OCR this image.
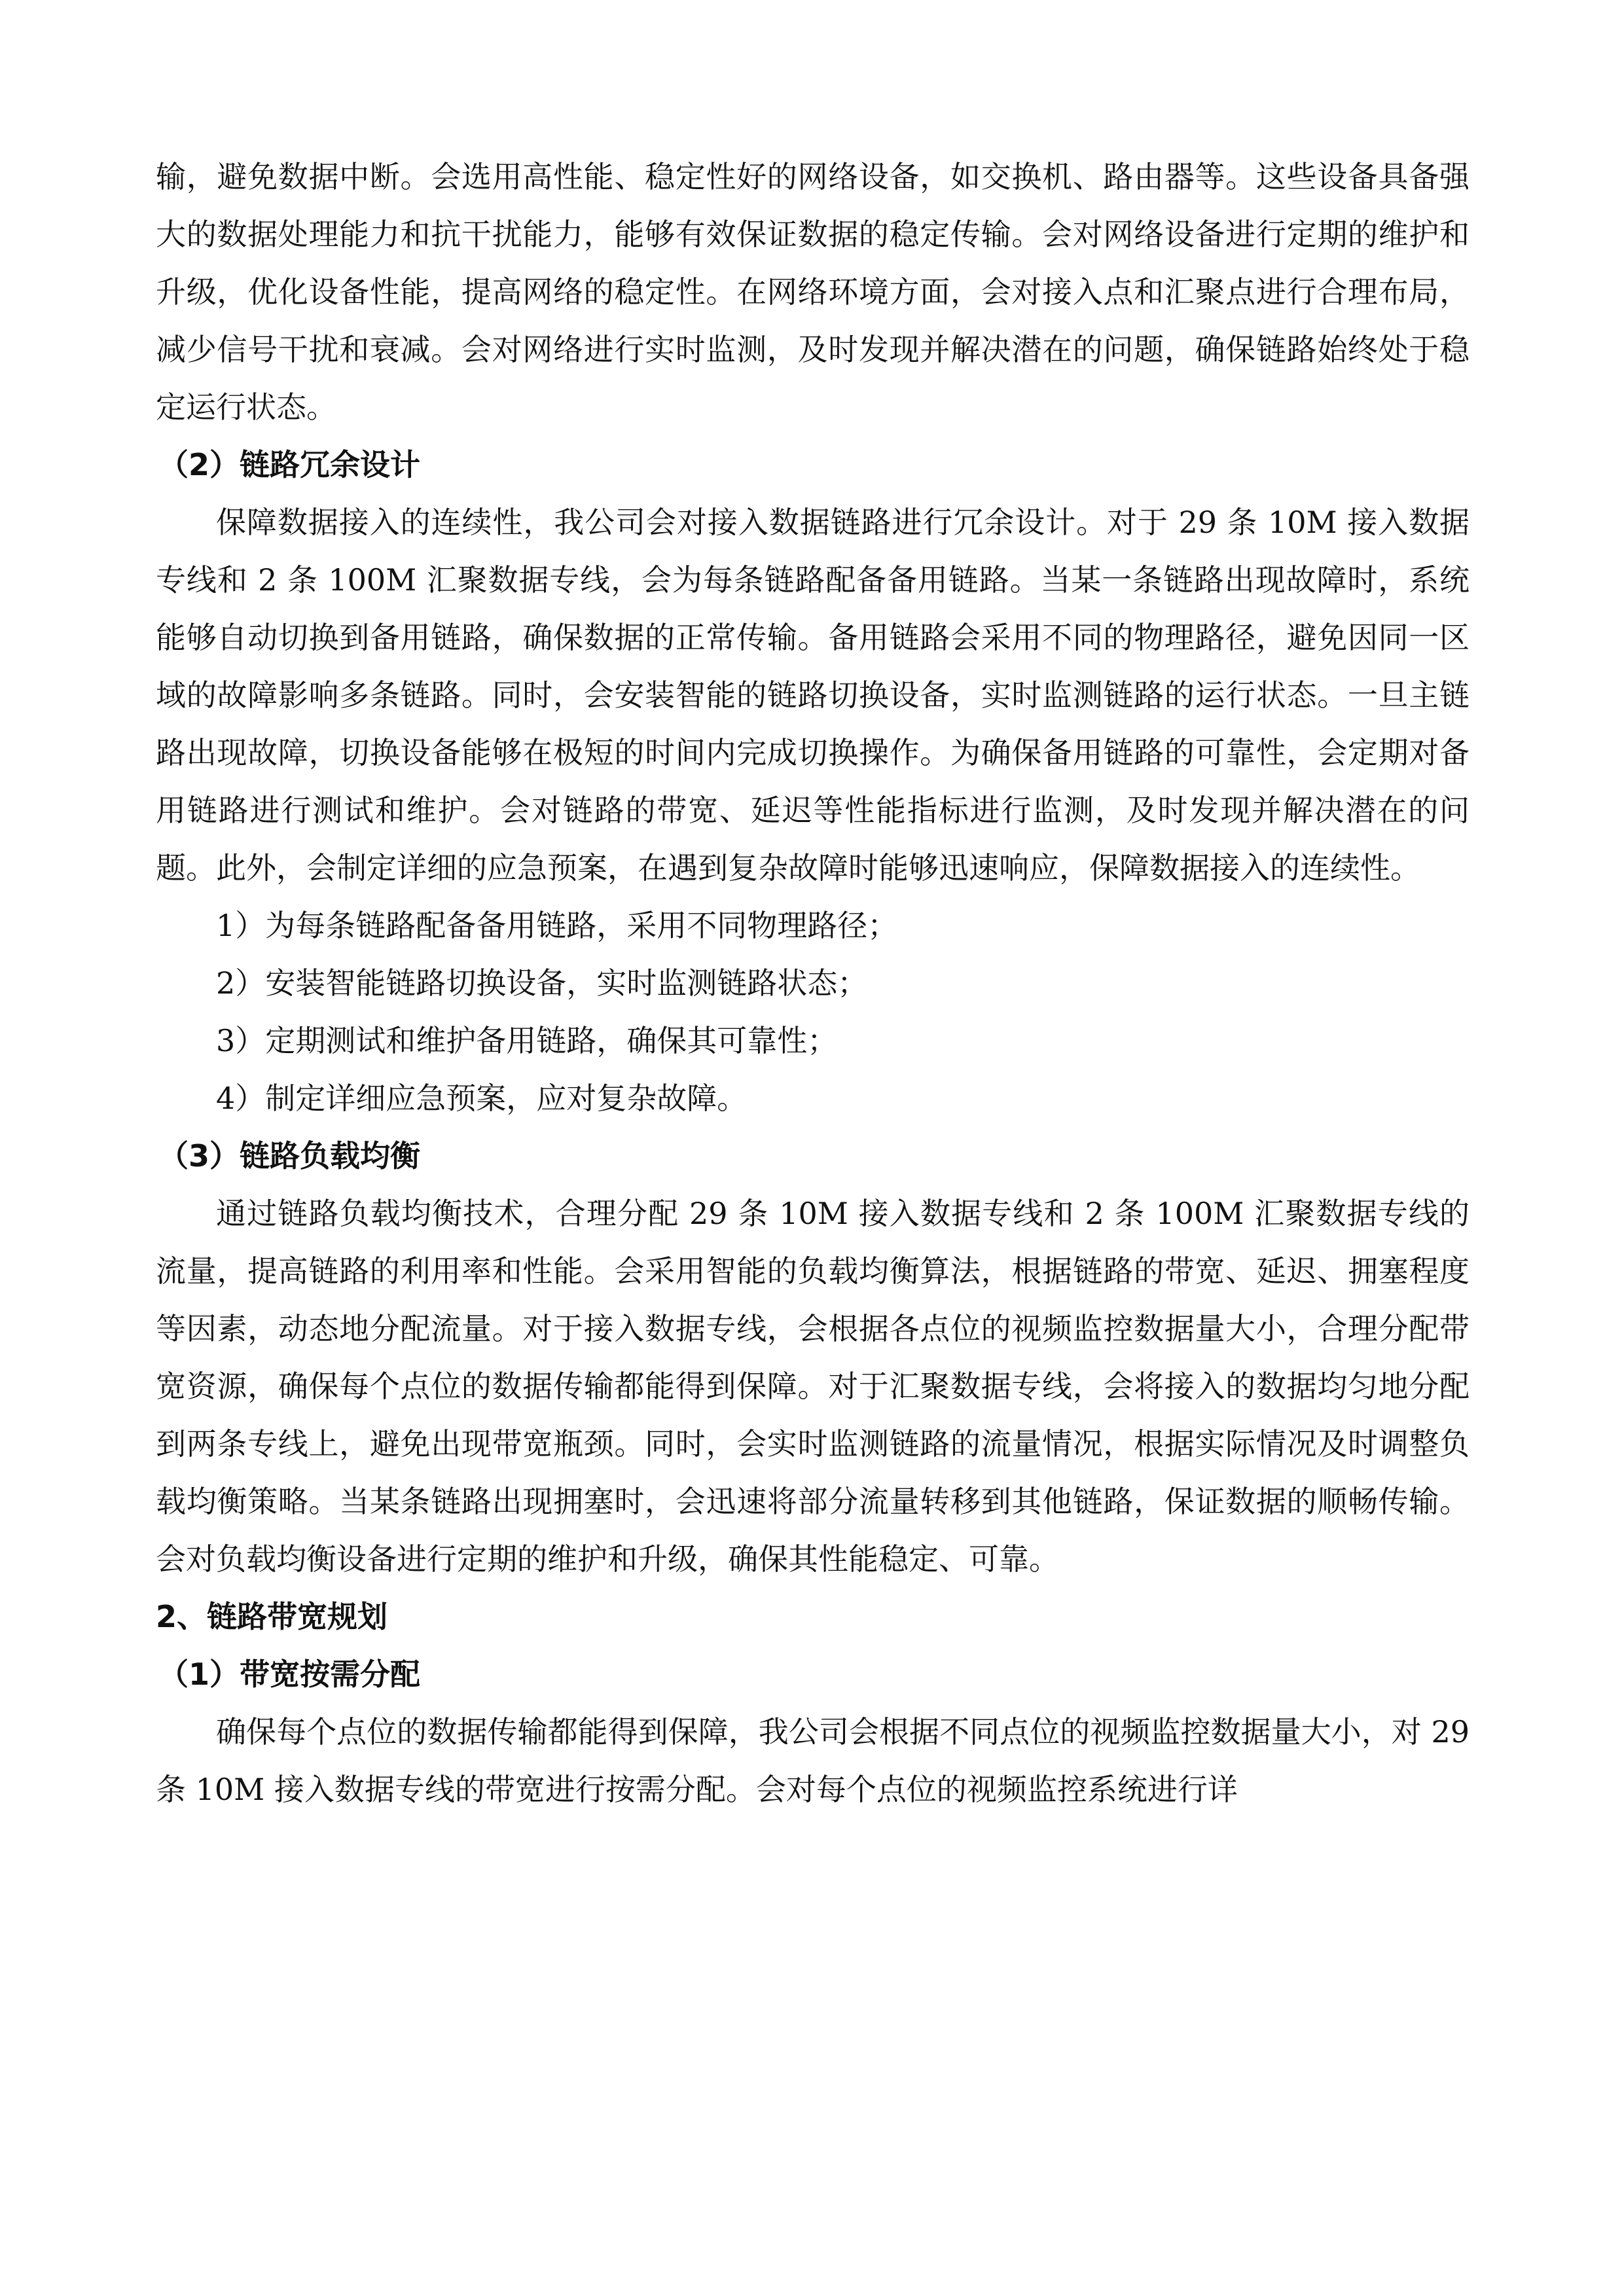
输，避免数据中断。会选用高性能、稳定性好的网络设备，如交换机、路由器等。这些设备具备强大的数据处理能力和抗干扰能力，能够有效保证数据的稳定传输。会对网络设备进行定期的维护和升级，优化设备性能，提高网络的稳定性。在网络环境方面，会对接入点和汇聚点进行合理布局，减少信号干扰和衰减。会对网络进行实时监测，及时发现并解决潜在的问题，确保链路始终处于稳定运行状态。

（2）链路冗余设计

保障数据接入的连续性，我公司会对接入数据链路进行冗余设计。对于 29 条 10M 接入数据专线和 2 条 100M 汇聚数据专线，会为每条链路配备备用链路。当某一条链路出现故障时，系统能够自动切换到备用链路，确保数据的正常传输。备用链路会采用不同的物理路径，避免因同一区域的故障影响多条链路。同时，会安装智能的链路切换设备，实时监测链路的运行状态。一旦主链路出现故障，切换设备能够在极短的时间内完成切换操作。为确保备用链路的可靠性，会定期对备用链路进行测试和维护。会对链路的带宽、延迟等性能指标进行监测，及时发现并解决潜在的问题。此外，会制定详细的应急预案，在遇到复杂故障时能够迅速响应，保障数据接入的连续性。

1）为每条链路配备备用链路，采用不同物理路径；

2）安装智能链路切换设备，实时监测链路状态；

3）定期测试和维护备用链路，确保其可靠性；

4）制定详细应急预案，应对复杂故障。

（3）链路负载均衡

通过链路负载均衡技术，合理分配 29 条 10M 接入数据专线和 2 条 100M 汇聚数据专线的流量，提高链路的利用率和性能。会采用智能的负载均衡算法，根据链路的带宽、延迟、拥塞程度等因素，动态地分配流量。对于接入数据专线，会根据各点位的视频监控数据量大小，合理分配带宽资源，确保每个点位的数据传输都能得到保障。对于汇聚数据专线，会将接入的数据均匀地分配到两条专线上，避免出现带宽瓶颈。同时，会实时监测链路的流量情况，根据实际情况及时调整负载均衡策略。当某条链路出现拥塞时，会迅速将部分流量转移到其他链路，保证数据的顺畅传输。会对负载均衡设备进行定期的维护和升级，确保其性能稳定、可靠。

2、链路带宽规划

（1）带宽按需分配

确保每个点位的数据传输都能得到保障，我公司会根据不同点位的视频监控数据量大小，对 29 条 10M 接入数据专线的带宽进行按需分配。会对每个点位的视频监控系统进行详
